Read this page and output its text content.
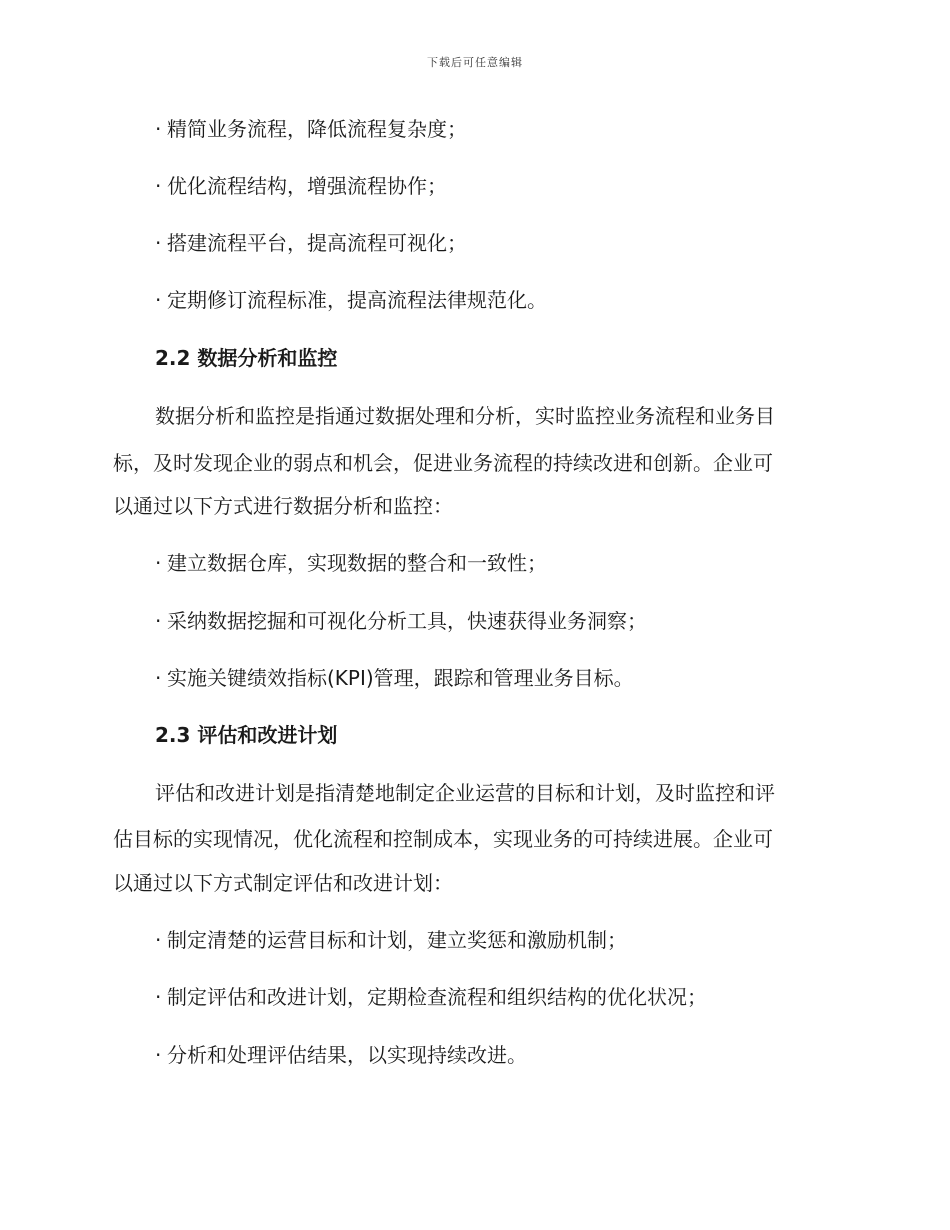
下载后可任意编辑
· 精简业务流程，降低流程复杂度；
· 优化流程结构，增强流程协作；
· 搭建流程平台，提高流程可视化；
· 定期修订流程标准，提高流程法律规范化。
2.2 数据分析和监控
数据分析和监控是指通过数据处理和分析，实时监控业务流程和业务目
标，及时发现企业的弱点和机会，促进业务流程的持续改进和创新。企业可
以通过以下方式进行数据分析和监控：
· 建立数据仓库，实现数据的整合和一致性；
· 采纳数据挖掘和可视化分析工具，快速获得业务洞察；
· 实施关键绩效指标(KPI)管理，跟踪和管理业务目标。
2.3 评估和改进计划
评估和改进计划是指清楚地制定企业运营的目标和计划，及时监控和评
估目标的实现情况，优化流程和控制成本，实现业务的可持续进展。企业可
以通过以下方式制定评估和改进计划：
· 制定清楚的运营目标和计划，建立奖惩和激励机制；
· 制定评估和改进计划，定期检查流程和组织结构的优化状况；
· 分析和处理评估结果，以实现持续改进。
